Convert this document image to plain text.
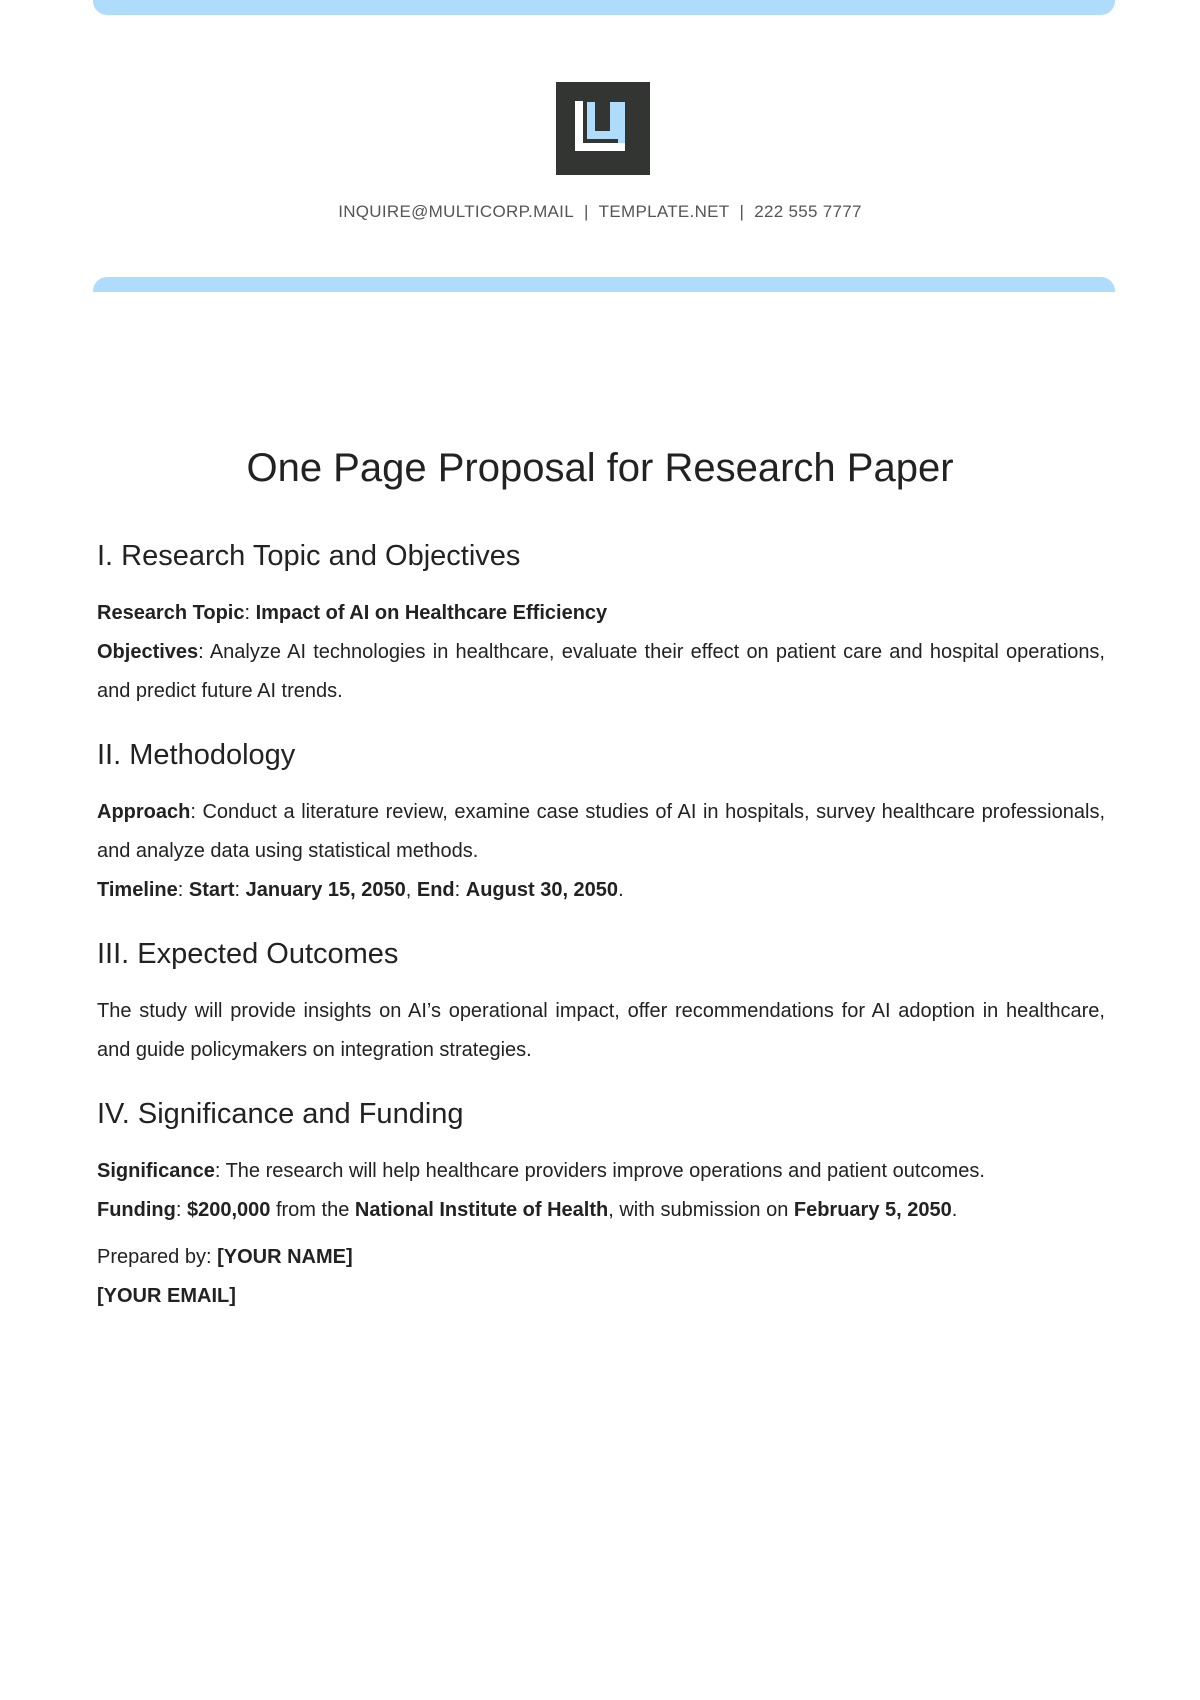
INQUIRE@MULTICORP.MAIL | TEMPLATE.NET | 222 555 7777
One Page Proposal for Research Paper
I. Research Topic and Objectives

Research Topic: Impact of AI on Healthcare Efficiency

Objectives: Analyze AI technologies in healthcare, evaluate their effect on patient care and hospital operations, and predict future AI trends.

II. Methodology

Approach: Conduct a literature review, examine case studies of AI in hospitals, survey healthcare professionals, and analyze data using statistical methods.

Timeline: Start: January 15, 2050, End: August 30, 2050.

III. Expected Outcomes

The study will provide insights on AI’s operational impact, offer recommendations for AI adoption in healthcare, and guide policymakers on integration strategies.

IV. Significance and Funding

Significance: The research will help healthcare providers improve operations and patient outcomes.

Funding: $200,000 from the National Institute of Health, with submission on February 5, 2050.

Prepared by: [YOUR NAME]

[YOUR EMAIL]
